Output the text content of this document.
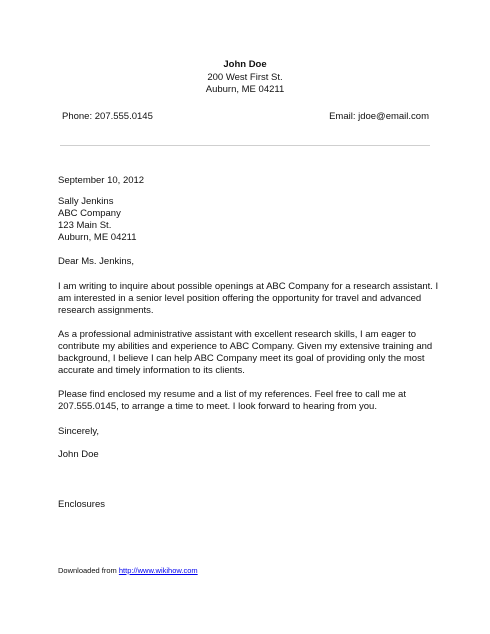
John Doe
200 West First St.
Auburn, ME 04211
Phone: 207.555.0145	Email: jdoe@email.com
September 10, 2012
Sally Jenkins
ABC Company
123 Main St.
Auburn, ME 04211
Dear Ms. Jenkins,
I am writing to inquire about possible openings at ABC Company for a research assistant. I am interested in a senior level position offering the opportunity for travel and advanced research assignments.
As a professional administrative assistant with excellent research skills, I am eager to contribute my abilities and experience to ABC Company. Given my extensive training and background, I believe I can help ABC Company meet its goal of providing only the most accurate and timely information to its clients.
Please find enclosed my resume and a list of my references. Feel free to call me at 207.555.0145, to arrange a time to meet. I look forward to hearing from you.
Sincerely,
John Doe
Enclosures
Downloaded from http://www.wikihow.com
